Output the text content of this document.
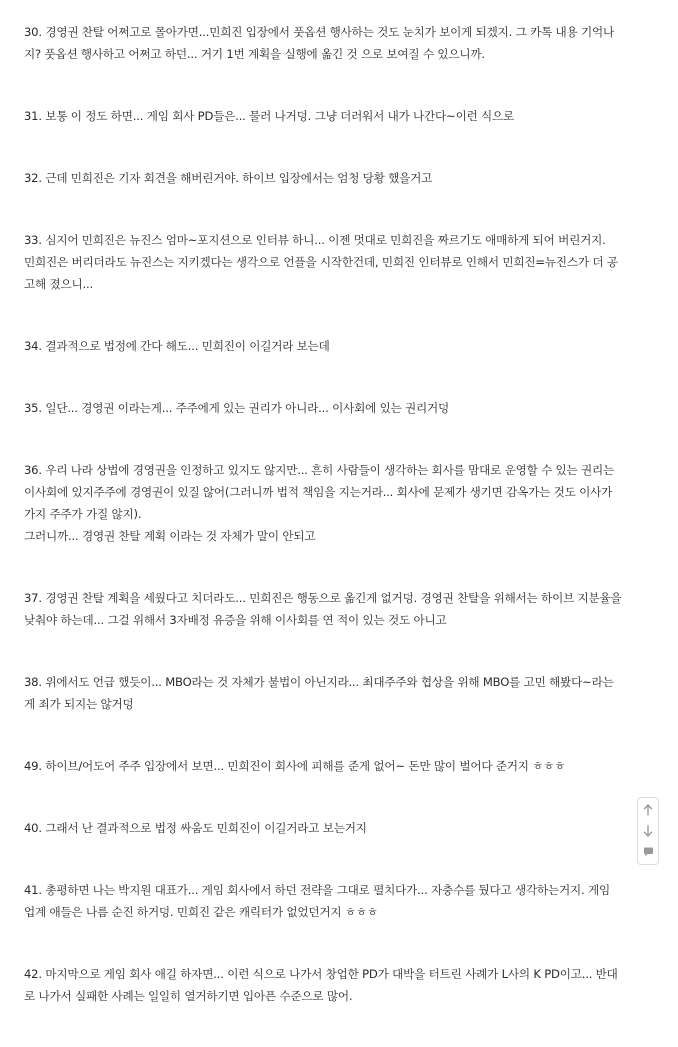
30. 경영권 찬탈 어쩌고로 몰아가면...민희진 입장에서 풋옵션 행사하는 것도 눈치가 보이게 되겠지. 그 카톡 내용 기억나
지? 풋옵션 행사하고 어쩌고 하던... 거기 1번 계획을 실행에 옮긴 것 으로 보여질 수 있으니까.

31. 보통 이 정도 하면... 게임 회사 PD들은... 물러 나거덩. 그냥 더러워서 내가 나간다~이런 식으로

32. 근데 민희진은 기자 회견을 해버린거야. 하이브 입장에서는 엄청 당황 했을거고

33. 심지어 민희진은 뉴진스 엄마~포지션으로 인터뷰 하니... 이젠 멋대로 민희진을 짜르기도 애매하게 되어 버린거지.
민희진은 버리더라도 뉴진스는 지키겠다는 생각으로 언플을 시작한건데, 민희진 인터뷰로 인해서 민희진=뉴진스가 더 공
고해 졌으니...

34. 결과적으로 법정에 간다 해도... 민희진이 이길거라 보는데

35. 일단... 경영권 이라는게... 주주에게 있는 권리가 아니라... 이사회에 있는 권리거덩

36. 우리 나라 상법에 경영권을 인정하고 있지도 않지만... 흔히 사람들이 생각하는 회사를 맘대로 운영할 수 있는 권리는
이사회에 있지주주에 경영권이 있질 않어(그러니까 법적 책임을 지는거라... 회사에 문제가 생기면 감옥가는 것도 이사가
가지 주주가 가질 않지).
그러니까... 경영권 찬탈 계획 이라는 것 자체가 말이 안되고

37. 경영권 찬탈 계획을 세웠다고 치더라도... 민희진은 행동으로 옮긴게 없거덩. 경영권 찬탈을 위해서는 하이브 지분율을
낮춰야 하는데... 그걸 위해서 3자배정 유증을 위해 이사회를 연 적이 있는 것도 아니고

38. 위에서도 언급 했듯이... MBO라는 것 자체가 불법이 아닌지라... 최대주주와 협상을 위해 MBO를 고민 해봤다~라는
게 죄가 되지는 않거덩

49. 하이브/어도어 주주 입장에서 보면... 민희진이 회사에 피해를 준게 없어~ 돈만 많이 벌어다 준거지 ㅎㅎㅎ

40. 그래서 난 결과적으로 법정 싸움도 민희진이 이길거라고 보는거지

41. 총평하면 나는 박지원 대표가... 게임 회사에서 하던 전략을 그대로 펼치다가... 자충수를 뒀다고 생각하는거지. 게임
업계 애들은 나름 순진 하거덩. 민희진 같은 캐릭터가 없었던거지 ㅎㅎㅎ

42. 마지막으로 게임 회사 애길 하자면... 이런 식으로 나가서 창업한 PD가 대박을 터트린 사례가 L사의 K PD이고... 반대
로 나가서 실패한 사례는 일일히 열거하기면 입아픈 수준으로 많어.
